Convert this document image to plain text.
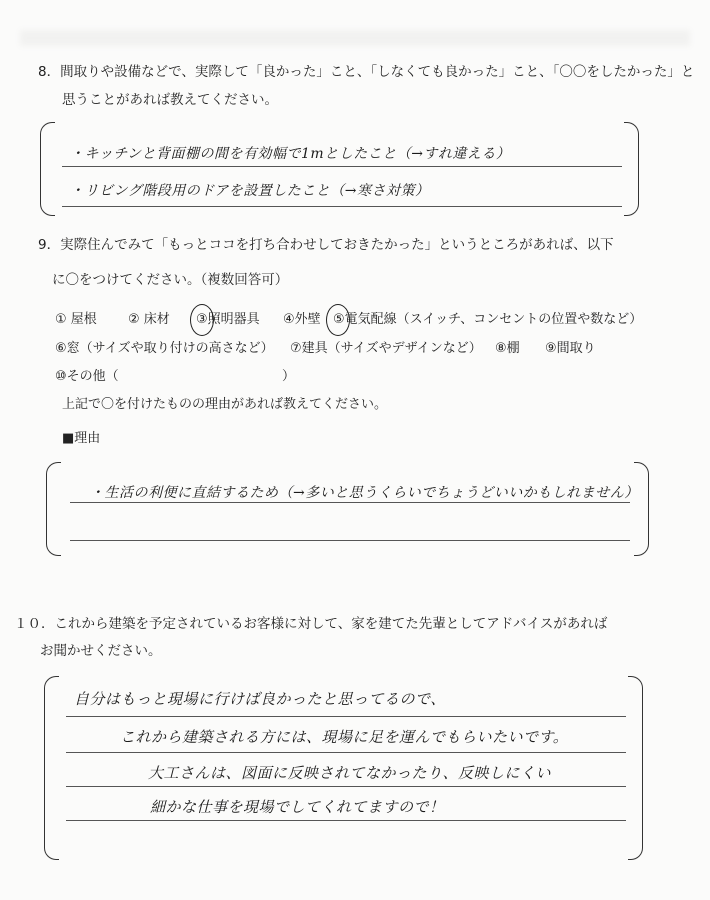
8．間取りや設備などで、実際して「良かった」こと、「しなくても良かった」こと、「〇〇をしたかった」と
思うことがあれば教えてください。
・キッチンと背面棚の間を有効幅で1mとしたこと（→すれ違える）
・リビング階段用のドアを設置したこと（→寒さ対策）
9．実際住んでみて「もっとココを打ち合わせしておきたかった」というところがあれば、以下
に〇をつけてください。（複数回答可）
① 屋根 ② 床材 ③照明器具 ④外壁 ⑤電気配線（スイッチ、コンセントの位置や数など）
⑥窓（サイズや取り付けの高さなど） ⑦建具（サイズやデザインなど） ⑧棚 ⑨間取り
⑩その他（	）
上記で〇を付けたものの理由があれば教えてください。
■理由
・生活の利便に直結するため（→多いと思うくらいでちょうどいいかもしれません）
１０．これから建築を予定されているお客様に対して、家を建てた先輩としてアドバイスがあれば
お聞かせください。
自分はもっと現場に行けば良かったと思ってるので、
これから建築される方には、現場に足を運んでもらいたいです。
大工さんは、図面に反映されてなかったり、反映しにくい
細かな仕事を現場でしてくれてますので！
